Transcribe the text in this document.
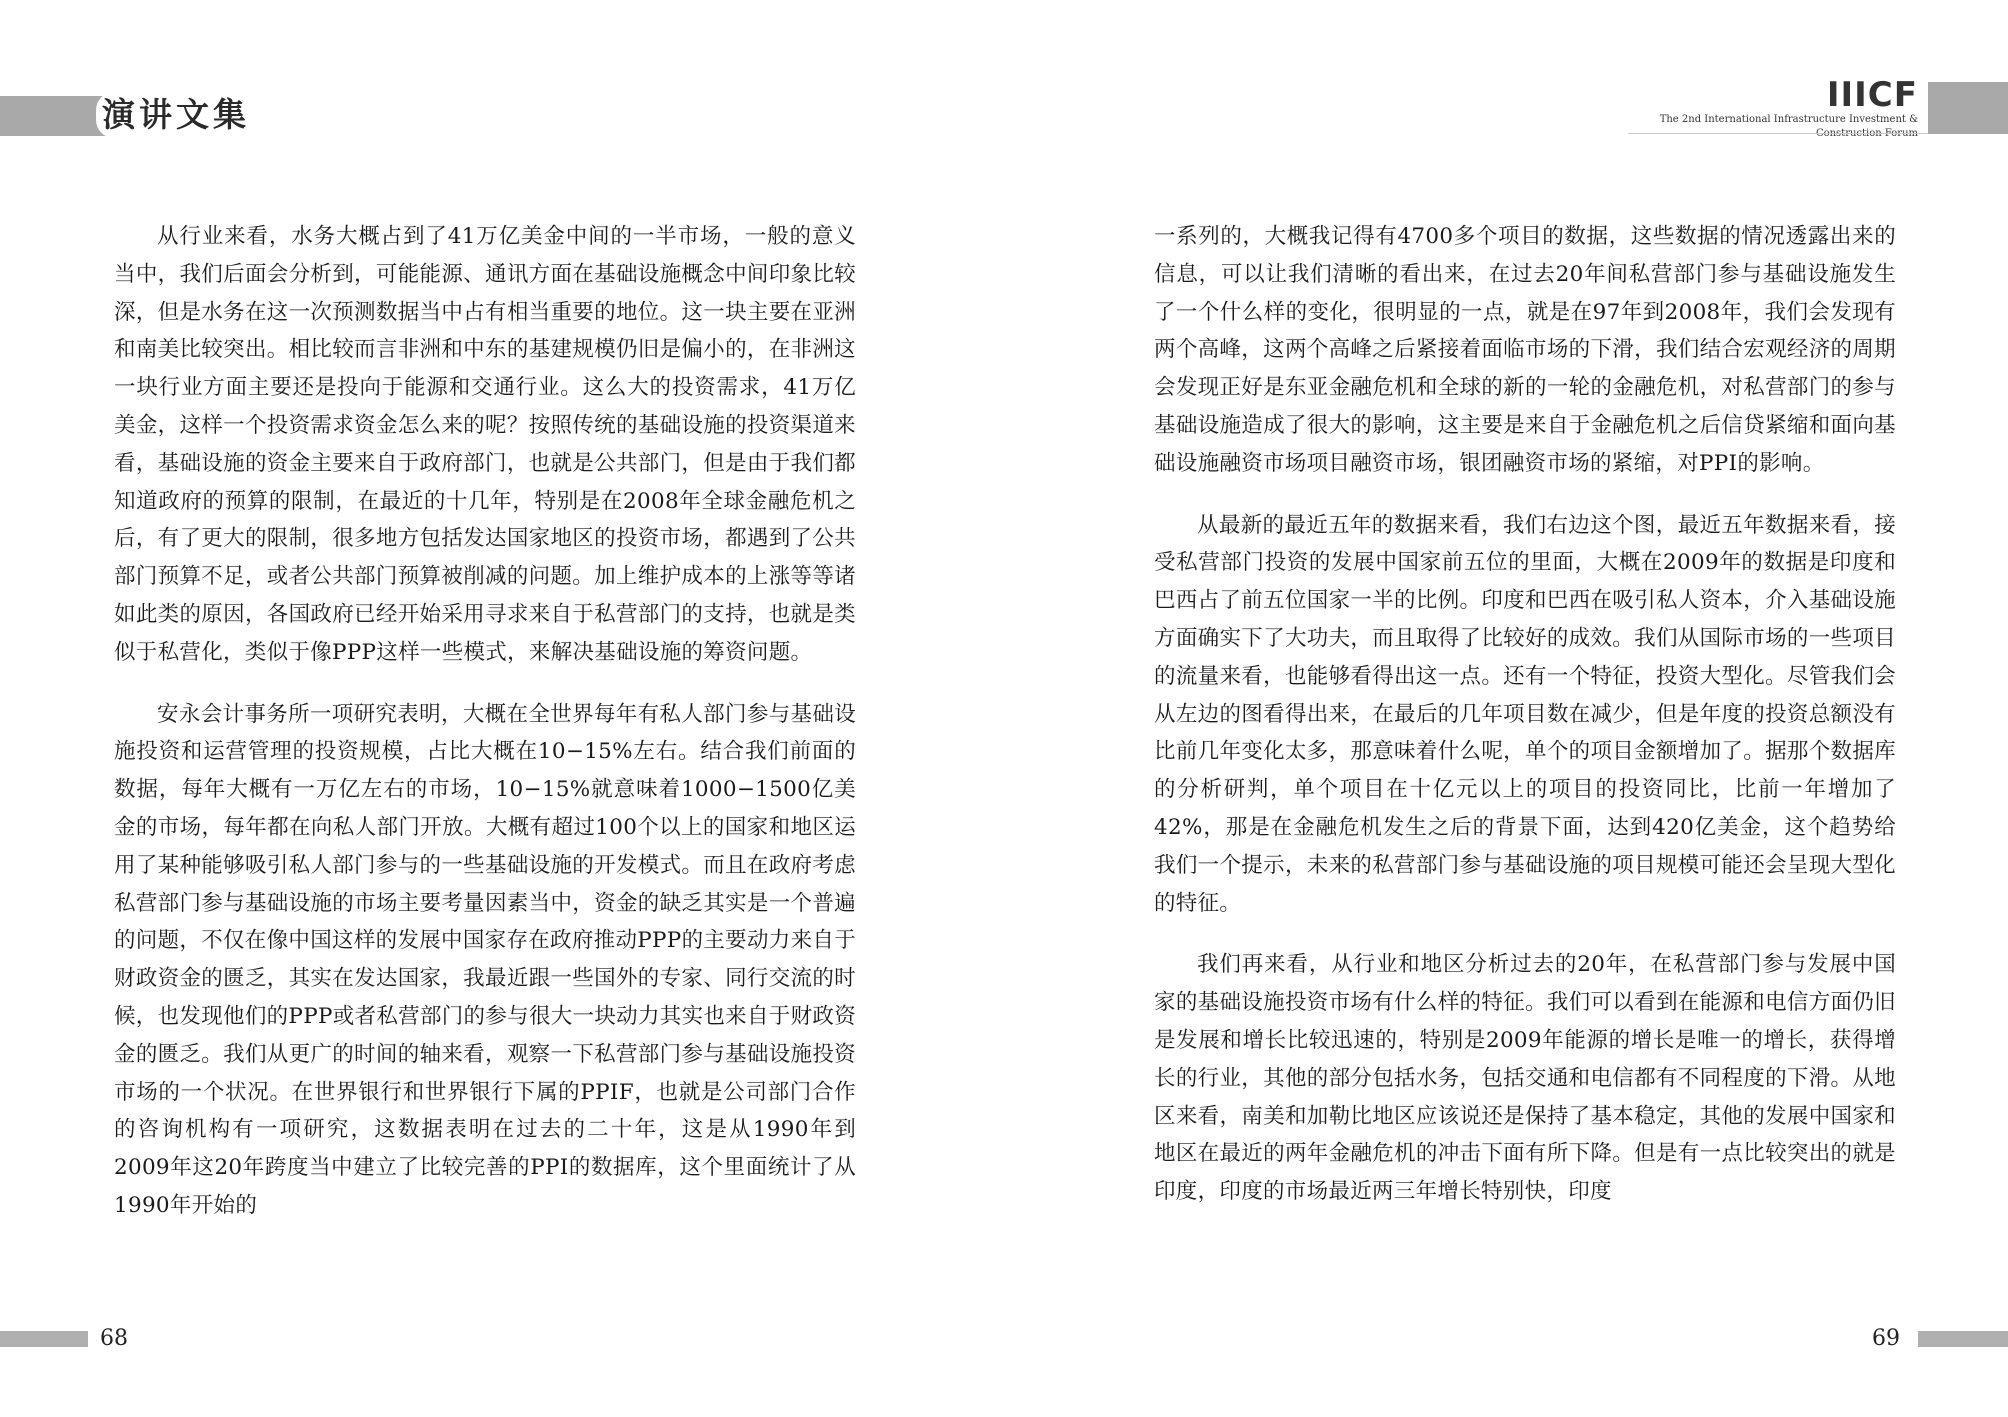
演讲文集

从行业来看，水务大概占到了41万亿美金中间的一半市场，一般的意义当中，我们后面会分析到，可能能源、通讯方面在基础设施概念中间印象比较深，但是水务在这一次预测数据当中占有相当重要的地位。这一块主要在亚洲和南美比较突出。相比较而言非洲和中东的基建规模仍旧是偏小的，在非洲这一块行业方面主要还是投向于能源和交通行业。这么大的投资需求，41万亿美金，这样一个投资需求资金怎么来的呢？按照传统的基础设施的投资渠道来看，基础设施的资金主要来自于政府部门，也就是公共部门，但是由于我们都知道政府的预算的限制，在最近的十几年，特别是在2008年全球金融危机之后，有了更大的限制，很多地方包括发达国家地区的投资市场，都遇到了公共部门预算不足，或者公共部门预算被削减的问题。加上维护成本的上涨等等诸如此类的原因，各国政府已经开始采用寻求来自于私营部门的支持，也就是类似于私营化，类似于像PPP这样一些模式，来解决基础设施的筹资问题。

安永会计事务所一项研究表明，大概在全世界每年有私人部门参与基础设施投资和运营管理的投资规模，占比大概在10−15%左右。结合我们前面的数据，每年大概有一万亿左右的市场，10−15%就意味着1000−1500亿美金的市场，每年都在向私人部门开放。大概有超过100个以上的国家和地区运用了某种能够吸引私人部门参与的一些基础设施的开发模式。而且在政府考虑私营部门参与基础设施的市场主要考量因素当中，资金的缺乏其实是一个普遍的问题，不仅在像中国这样的发展中国家存在政府推动PPP的主要动力来自于财政资金的匮乏，其实在发达国家，我最近跟一些国外的专家、同行交流的时候，也发现他们的PPP或者私营部门的参与很大一块动力其实也来自于财政资金的匮乏。我们从更广的时间的轴来看，观察一下私营部门参与基础设施投资市场的一个状况。在世界银行和世界银行下属的PPIF，也就是公司部门合作的咨询机构有一项研究，这数据表明在过去的二十年，这是从1990年到2009年这20年跨度当中建立了比较完善的PPI的数据库，这个里面统计了从1990年开始的

68
IIICF
The 2nd International Infrastructure Investment &

一系列的，大概我记得有4700多个项目的数据，这些数据的情况透露出来的信息，可以让我们清晰的看出来，在过去20年间私营部门参与基础设施发生了一个什么样的变化，很明显的一点，就是在97年到2008年，我们会发现有两个高峰，这两个高峰之后紧接着面临市场的下滑，我们结合宏观经济的周期会发现正好是东亚金融危机和全球的新的一轮的金融危机，对私营部门的参与基础设施造成了很大的影响，这主要是来自于金融危机之后信贷紧缩和面向基础设施融资市场项目融资市场，银团融资市场的紧缩，对PPI的影响。

从最新的最近五年的数据来看，我们右边这个图，最近五年数据来看，接受私营部门投资的发展中国家前五位的里面，大概在2009年的数据是印度和巴西占了前五位国家一半的比例。印度和巴西在吸引私人资本，介入基础设施方面确实下了大功夫，而且取得了比较好的成效。我们从国际市场的一些项目的流量来看，也能够看得出这一点。还有一个特征，投资大型化。尽管我们会从左边的图看得出来，在最后的几年项目数在减少，但是年度的投资总额没有比前几年变化太多，那意味着什么呢，单个的项目金额增加了。据那个数据库的分析研判，单个项目在十亿元以上的项目的投资同比，比前一年增加了42%，那是在金融危机发生之后的背景下面，达到420亿美金，这个趋势给我们一个提示，未来的私营部门参与基础设施的项目规模可能还会呈现大型化的特征。

我们再来看，从行业和地区分析过去的20年，在私营部门参与发展中国家的基础设施投资市场有什么样的特征。我们可以看到在能源和电信方面仍旧是发展和增长比较迅速的，特别是2009年能源的增长是唯一的增长，获得增长的行业，其他的部分包括水务，包括交通和电信都有不同程度的下滑。从地区来看，南美和加勒比地区应该说还是保持了基本稳定，其他的发展中国家和地区在最近的两年金融危机的冲击下面有所下降。但是有一点比较突出的就是印度，印度的市场最近两三年增长特别快，印度

69
